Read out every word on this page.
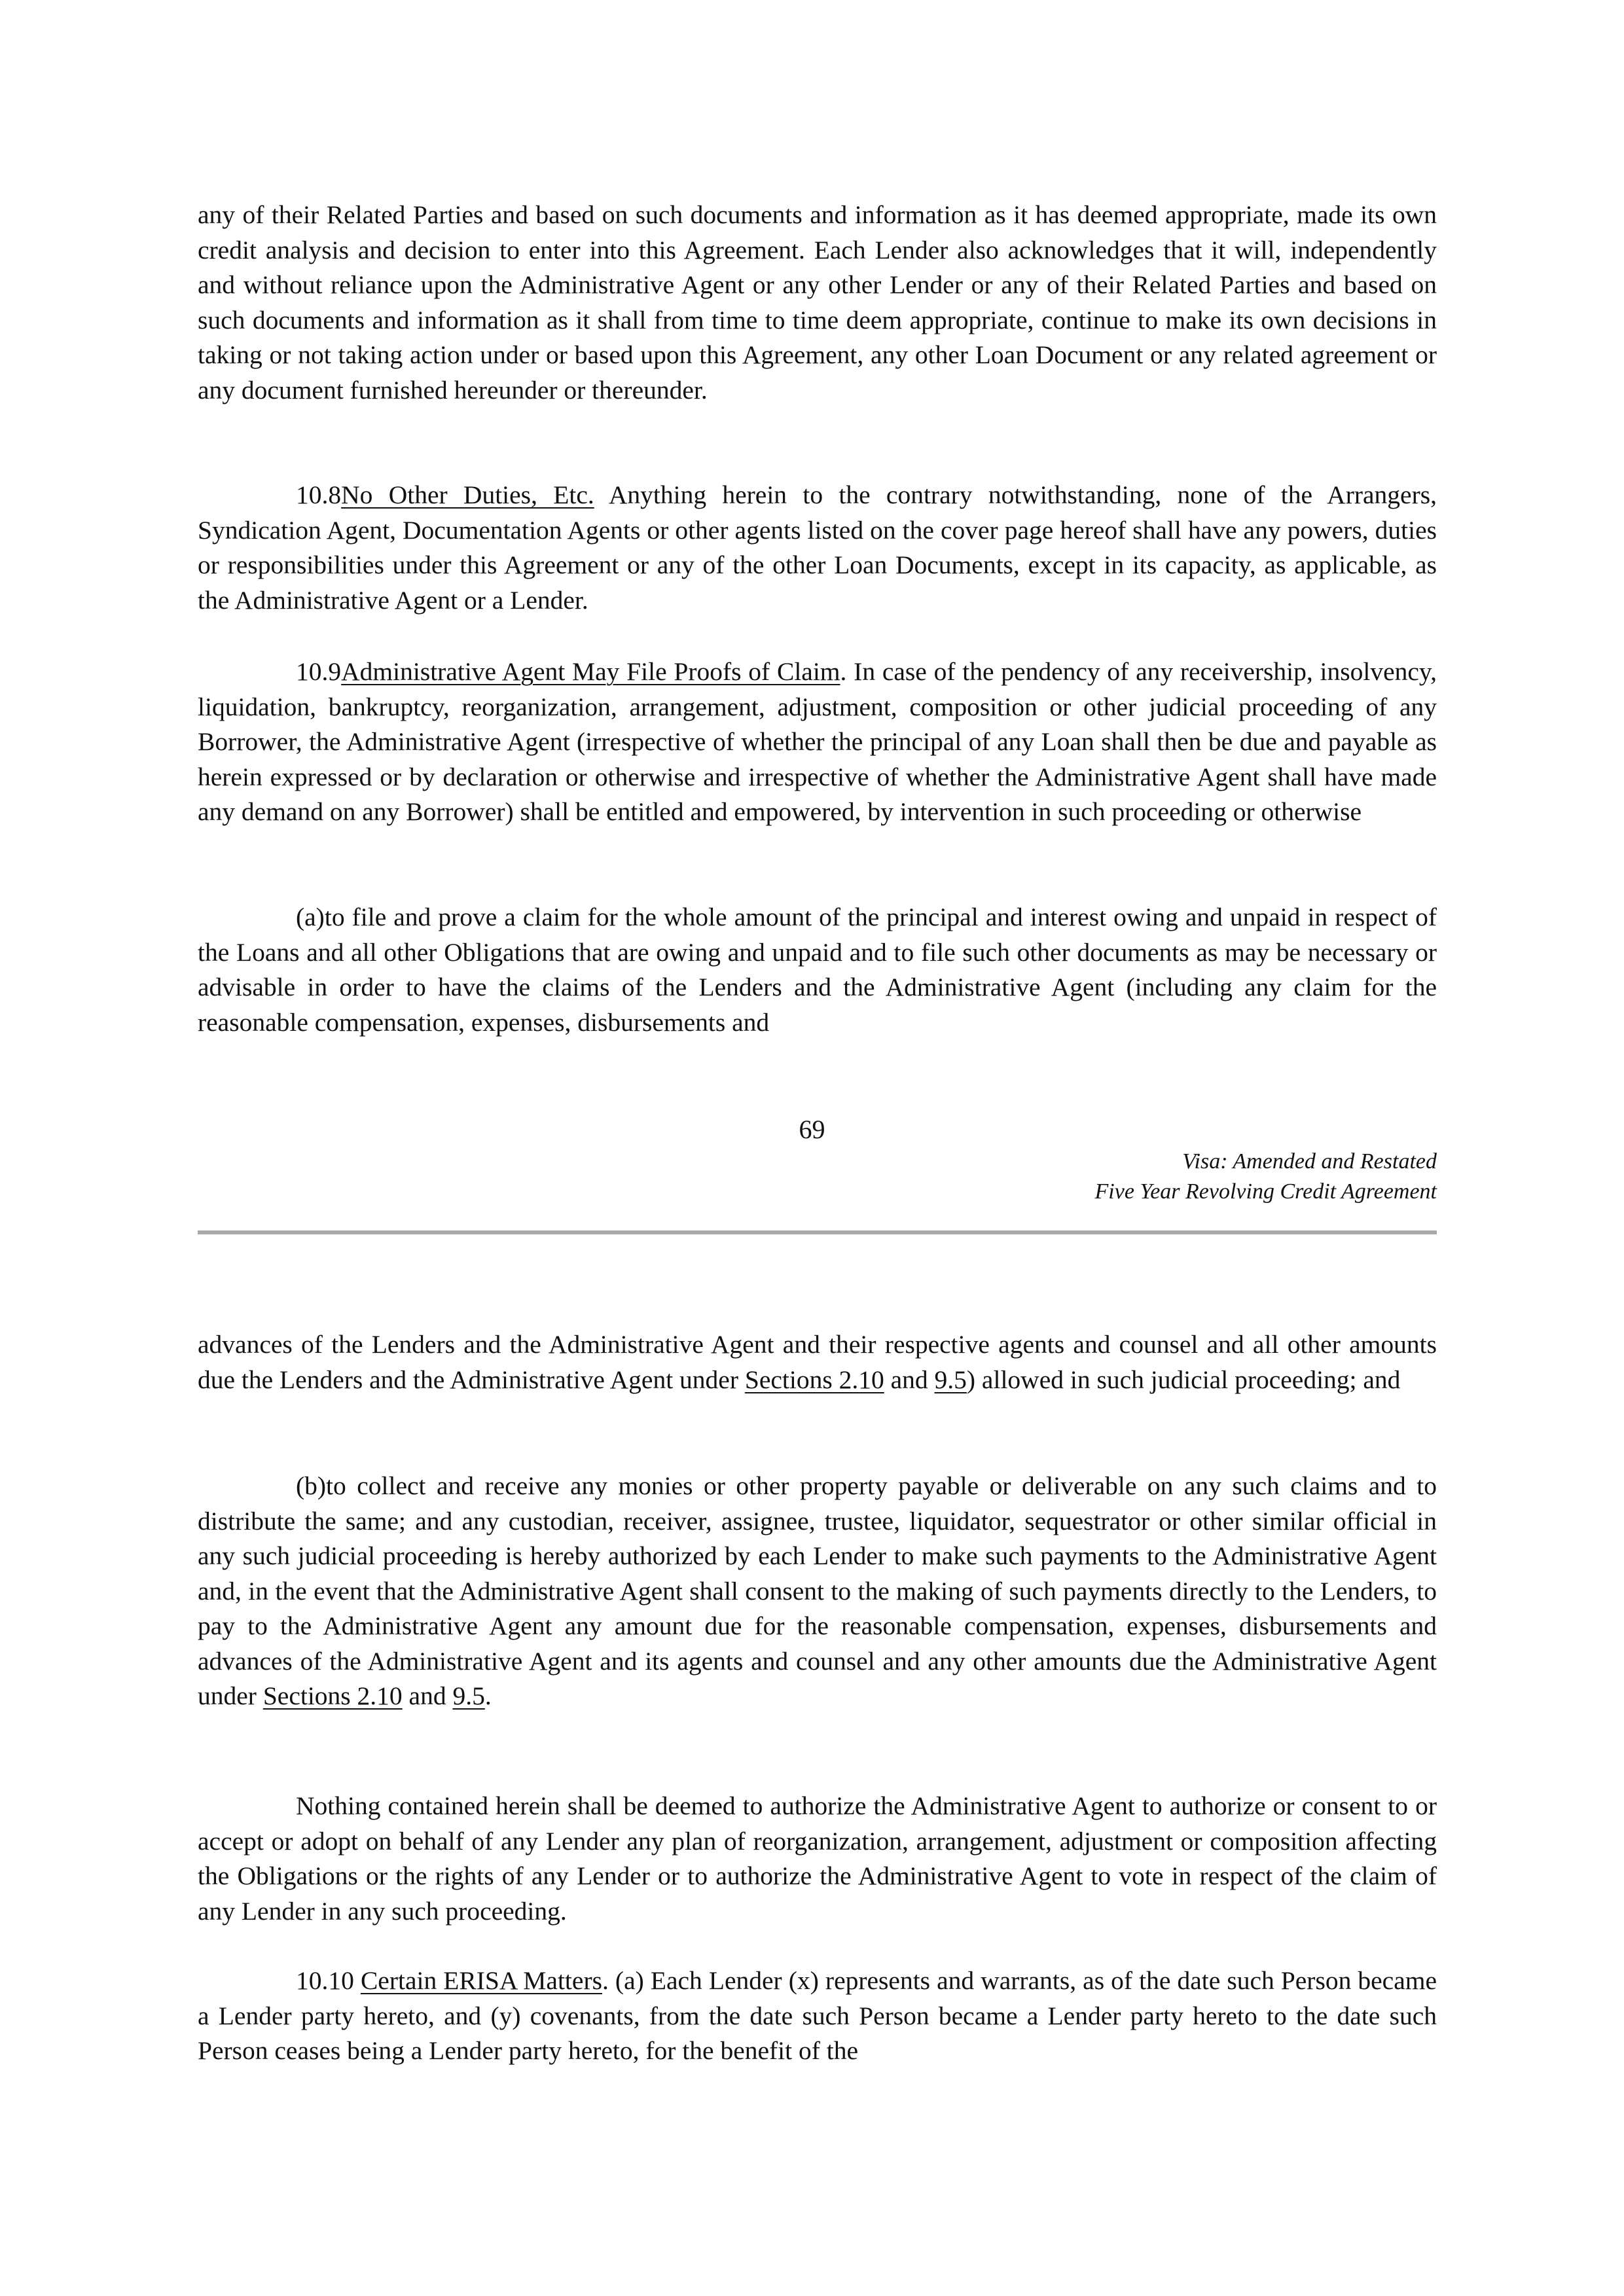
any of their Related Parties and based on such documents and information as it has deemed appropriate, made its own credit analysis and decision to enter into this Agreement. Each Lender also acknowledges that it will, independently and without reliance upon the Administrative Agent or any other Lender or any of their Related Parties and based on such documents and information as it shall from time to time deem appropriate, continue to make its own decisions in taking or not taking action under or based upon this Agreement, any other Loan Document or any related agreement or any document furnished hereunder or thereunder.

10.8No Other Duties, Etc. Anything herein to the contrary notwithstanding, none of the Arrangers, Syndication Agent, Documentation Agents or other agents listed on the cover page hereof shall have any powers, duties or responsibilities under this Agreement or any of the other Loan Documents, except in its capacity, as applicable, as the Administrative Agent or a Lender.

10.9Administrative Agent May File Proofs of Claim. In case of the pendency of any receivership, insolvency, liquidation, bankruptcy, reorganization, arrangement, adjustment, composition or other judicial proceeding of any Borrower, the Administrative Agent (irrespective of whether the principal of any Loan shall then be due and payable as herein expressed or by declaration or otherwise and irrespective of whether the Administrative Agent shall have made any demand on any Borrower) shall be entitled and empowered, by intervention in such proceeding or otherwise

(a)to file and prove a claim for the whole amount of the principal and interest owing and unpaid in respect of the Loans and all other Obligations that are owing and unpaid and to file such other documents as may be necessary or advisable in order to have the claims of the Lenders and the Administrative Agent (including any claim for the reasonable compensation, expenses, disbursements and

69
Visa: Amended and Restated
Five Year Revolving Credit Agreement

advances of the Lenders and the Administrative Agent and their respective agents and counsel and all other amounts due the Lenders and the Administrative Agent under Sections 2.10 and 9.5) allowed in such judicial proceeding; and

(b)to collect and receive any monies or other property payable or deliverable on any such claims and to distribute the same; and any custodian, receiver, assignee, trustee, liquidator, sequestrator or other similar official in any such judicial proceeding is hereby authorized by each Lender to make such payments to the Administrative Agent and, in the event that the Administrative Agent shall consent to the making of such payments directly to the Lenders, to pay to the Administrative Agent any amount due for the reasonable compensation, expenses, disbursements and advances of the Administrative Agent and its agents and counsel and any other amounts due the Administrative Agent under Sections 2.10 and 9.5.

Nothing contained herein shall be deemed to authorize the Administrative Agent to authorize or consent to or accept or adopt on behalf of any Lender any plan of reorganization, arrangement, adjustment or composition affecting the Obligations or the rights of any Lender or to authorize the Administrative Agent to vote in respect of the claim of any Lender in any such proceeding.

10.10 Certain ERISA Matters. (a) Each Lender (x) represents and warrants, as of the date such Person became a Lender party hereto, and (y) covenants, from the date such Person became a Lender party hereto to the date such Person ceases being a Lender party hereto, for the benefit of the
